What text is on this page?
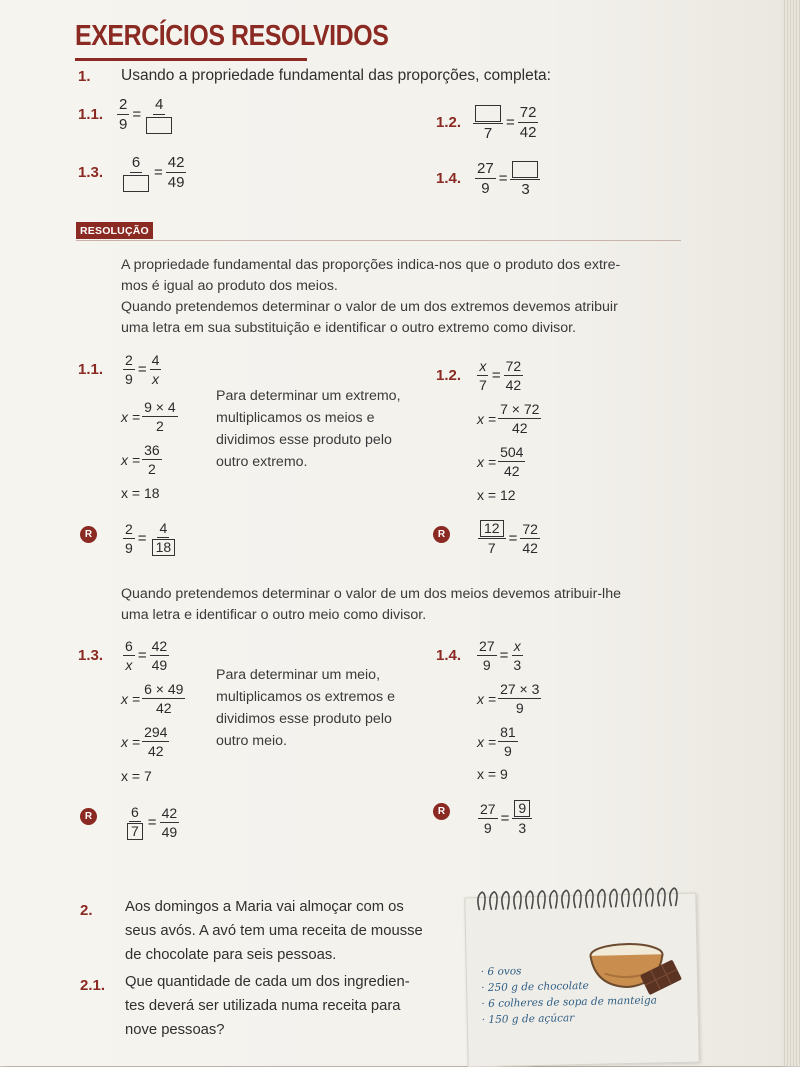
EXERCÍCIOS RESOLVIDOS
1. Usando a propriedade fundamental das proporções, completa:
1.1. $\frac{2}{9}$ =
4
1.2.
7
= $\frac{72}{42}$
1.3.
6
= $\frac{42}{49}$	1.4. $\frac{27}{9}$ =
3
RESOLUÇÃO
A propriedade fundamental das proporções indica-nos que o produto dos extre-
mos é igual ao produto dos meios.
Quando pretendemos determinar o valor de um dos extremos devemos atribuir
uma letra em sua substituição e identificar o outro extremo como divisor.
1.1. $\frac{2}{9} = \frac{4}{x}$
$x = \frac{9 \times 4}{2}$
$x = \frac{36}{2}$
x = 18
Para determinar um extremo,
multiplicamos os meios e
dividimos esse produto pelo
outro extremo.
R	$\frac{2}{9} = \frac{4}{18}$
1.2. $\frac{x}{7} = \frac{72}{42}$
$x = \frac{7 \times 72}{42}$
$x = \frac{504}{42}$
x = 12
R	$\frac{12}{7} = \frac{72}{42}$
Quando pretendemos determinar o valor de um dos meios devemos atribuir-lhe
uma letra e identificar o outro meio como divisor.
1.3. $\frac{6}{x} = \frac{42}{49}$
$x = \frac{6 \times 49}{42}$
$x = \frac{294}{42}$
x = 7
Para determinar um meio,
multiplicamos os extremos e
dividimos esse produto pelo
outro meio.
R	$\frac{6}{7} = \frac{42}{49}$
1.4. $\frac{27}{9} = \frac{x}{3}$
$x = \frac{27 \times 3}{9}$
$x = \frac{81}{9}$
x = 9
R	$\frac{27}{9} = \frac{9}{3}$
2. Aos domingos a Maria vai almoçar com os
seus avós. A avó tem uma receita de mousse
de chocolate para seis pessoas.
2.1. Que quantidade de cada um dos ingredien-
tes deverá ser utilizada numa receita para
nove pessoas?
· 6 ovos
· 250 g de chocolate
· 6 colheres de sopa de manteiga
· 150 g de açúcar
